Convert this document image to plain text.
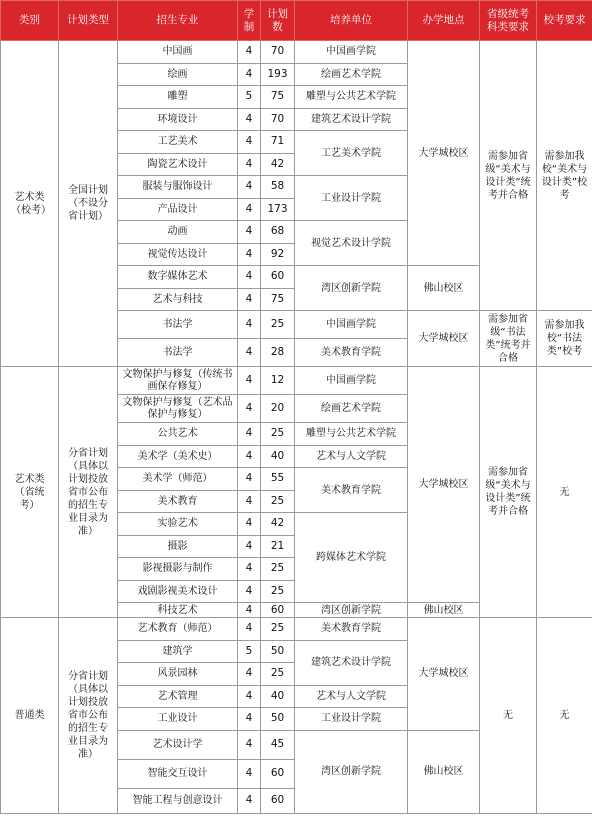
类别	计划类型	招生专业	学制	计划数	培养单位	办学地点	省级统考科类要求	校考要求
艺术类（校考）	全国计划（不设分省计划）	中国画	4	70	中国画学院	大学城校区	需参加省级“美术与设计类”统考并合格	需参加我校“美术与设计类”校考
		绘画	4	193	绘画艺术学院			
		雕塑	5	75	雕塑与公共艺术学院			
		环境设计	4	70	建筑艺术设计学院			
		工艺美术	4	71	工艺美术学院			
		陶瓷艺术设计	4	42				
		服装与服饰设计	4	58	工业设计学院			
		产品设计	4	173				
		动画	4	68	视觉艺术设计学院			
		视觉传达设计	4	92				
		数字媒体艺术	4	60	湾区创新学院	佛山校区		
		艺术与科技	4	75				
		书法学	4	25	中国画学院	大学城校区	需参加省级“书法类”统考并合格	需参加我校“书法类”校考
		书法学	4	28	美术教育学院			
艺术类（省统考）	分省计划（具体以计划投放省市公布的招生专业目录为准）	文物保护与修复（传统书画保存修复）	4	12	中国画学院	大学城校区	需参加省级“美术与设计类”统考并合格	无
		文物保护与修复（艺术品保护与修复）	4	20	绘画艺术学院			
		公共艺术	4	25	雕塑与公共艺术学院			
		美术学（美术史）	4	40	艺术与人文学院			
		美术学（师范）	4	55	美术教育学院			
		美术教育	4	25				
		实验艺术	4	42	跨媒体艺术学院			
		摄影	4	21				
		影视摄影与制作	4	25				
		戏剧影视美术设计	4	25				
		科技艺术	4	60	湾区创新学院	佛山校区		
普通类	分省计划（具体以计划投放省市公布的招生专业目录为准）	艺术教育（师范）	4	25	美术教育学院	大学城校区	无	无
		建筑学	5	50	建筑艺术设计学院			
		风景园林	4	25				
		艺术管理	4	40	艺术与人文学院			
		工业设计	4	50	工业设计学院			
		艺术设计学	4	45	湾区创新学院	佛山校区		
		智能交互设计	4	60				
		智能工程与创意设计	4	60				
